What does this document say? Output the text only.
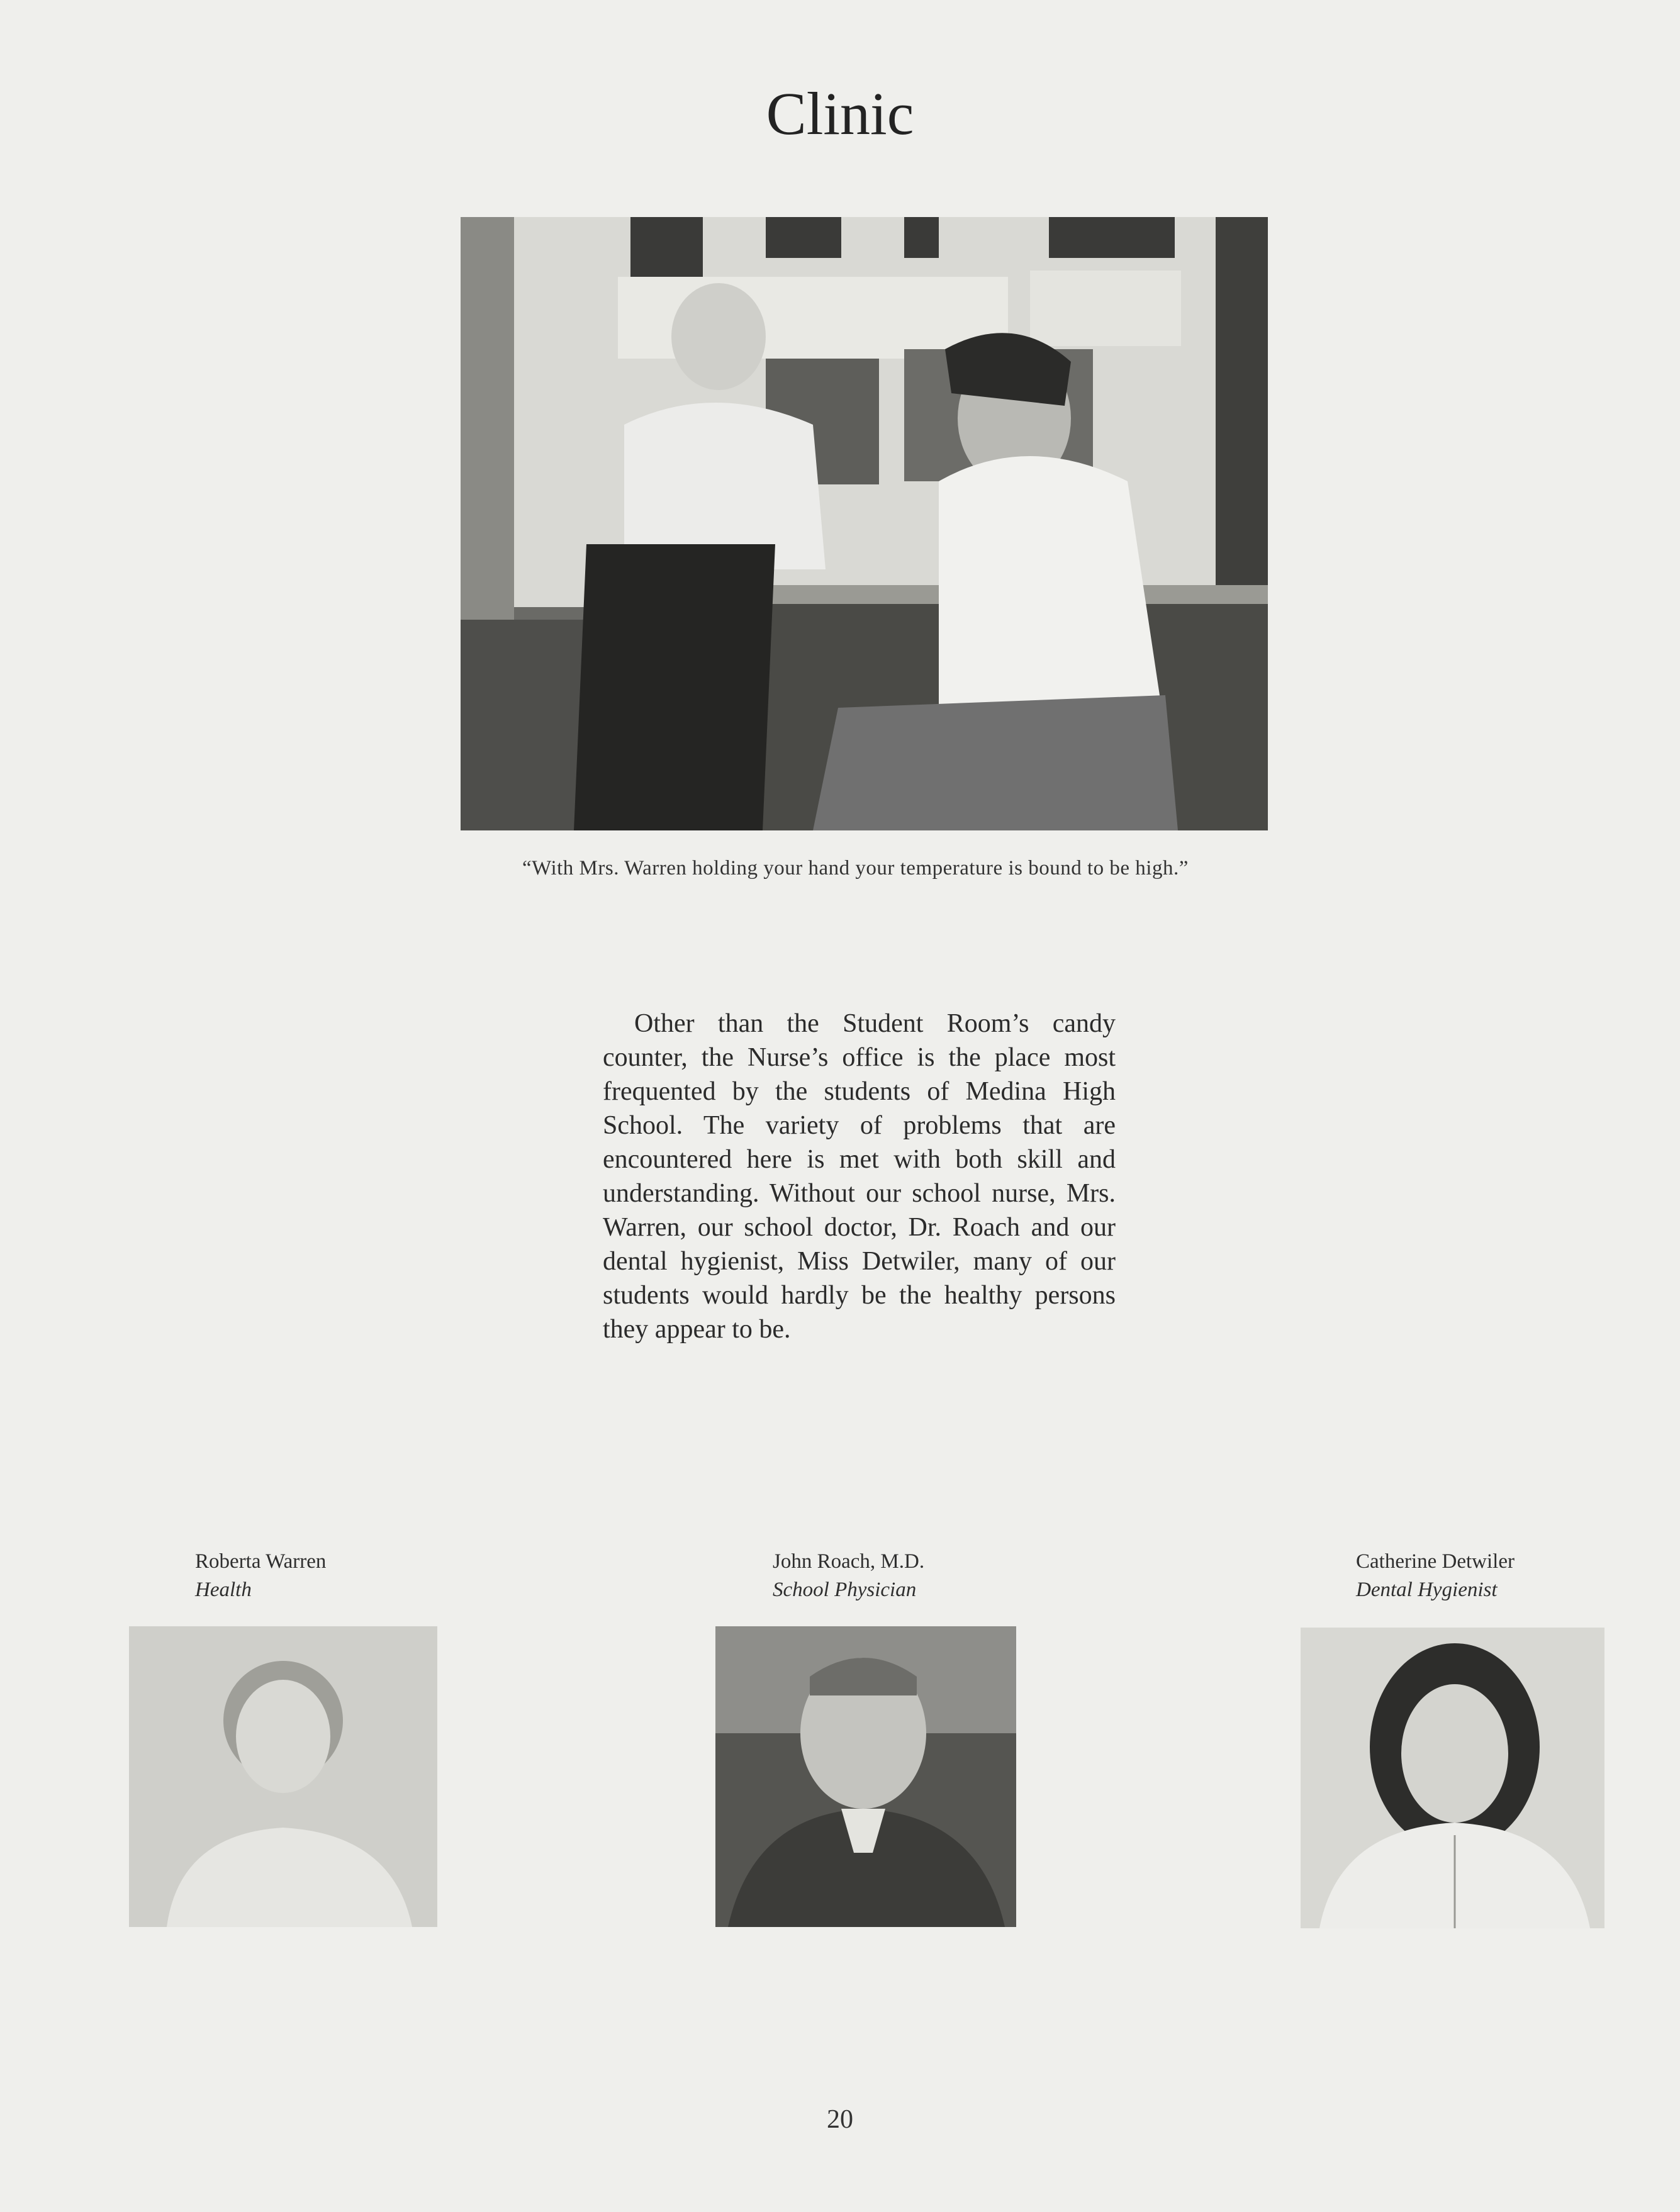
Clinic
“With Mrs. Warren holding your hand your temperature is bound to be high.”
Other than the Student Room’s candy counter, the Nurse’s office is the place most frequented by the students of Medina High School. The variety of problems that are encountered here is met with both skill and understanding. Without our school nurse, Mrs. Warren, our school doctor, Dr. Roach and our dental hygienist, Miss Detwiler, many of our students would hardly be the healthy persons they appear to be.
Roberta Warren
Health
John Roach, M.D.
School Physician
Catherine Detwiler
Dental Hygienist
20
